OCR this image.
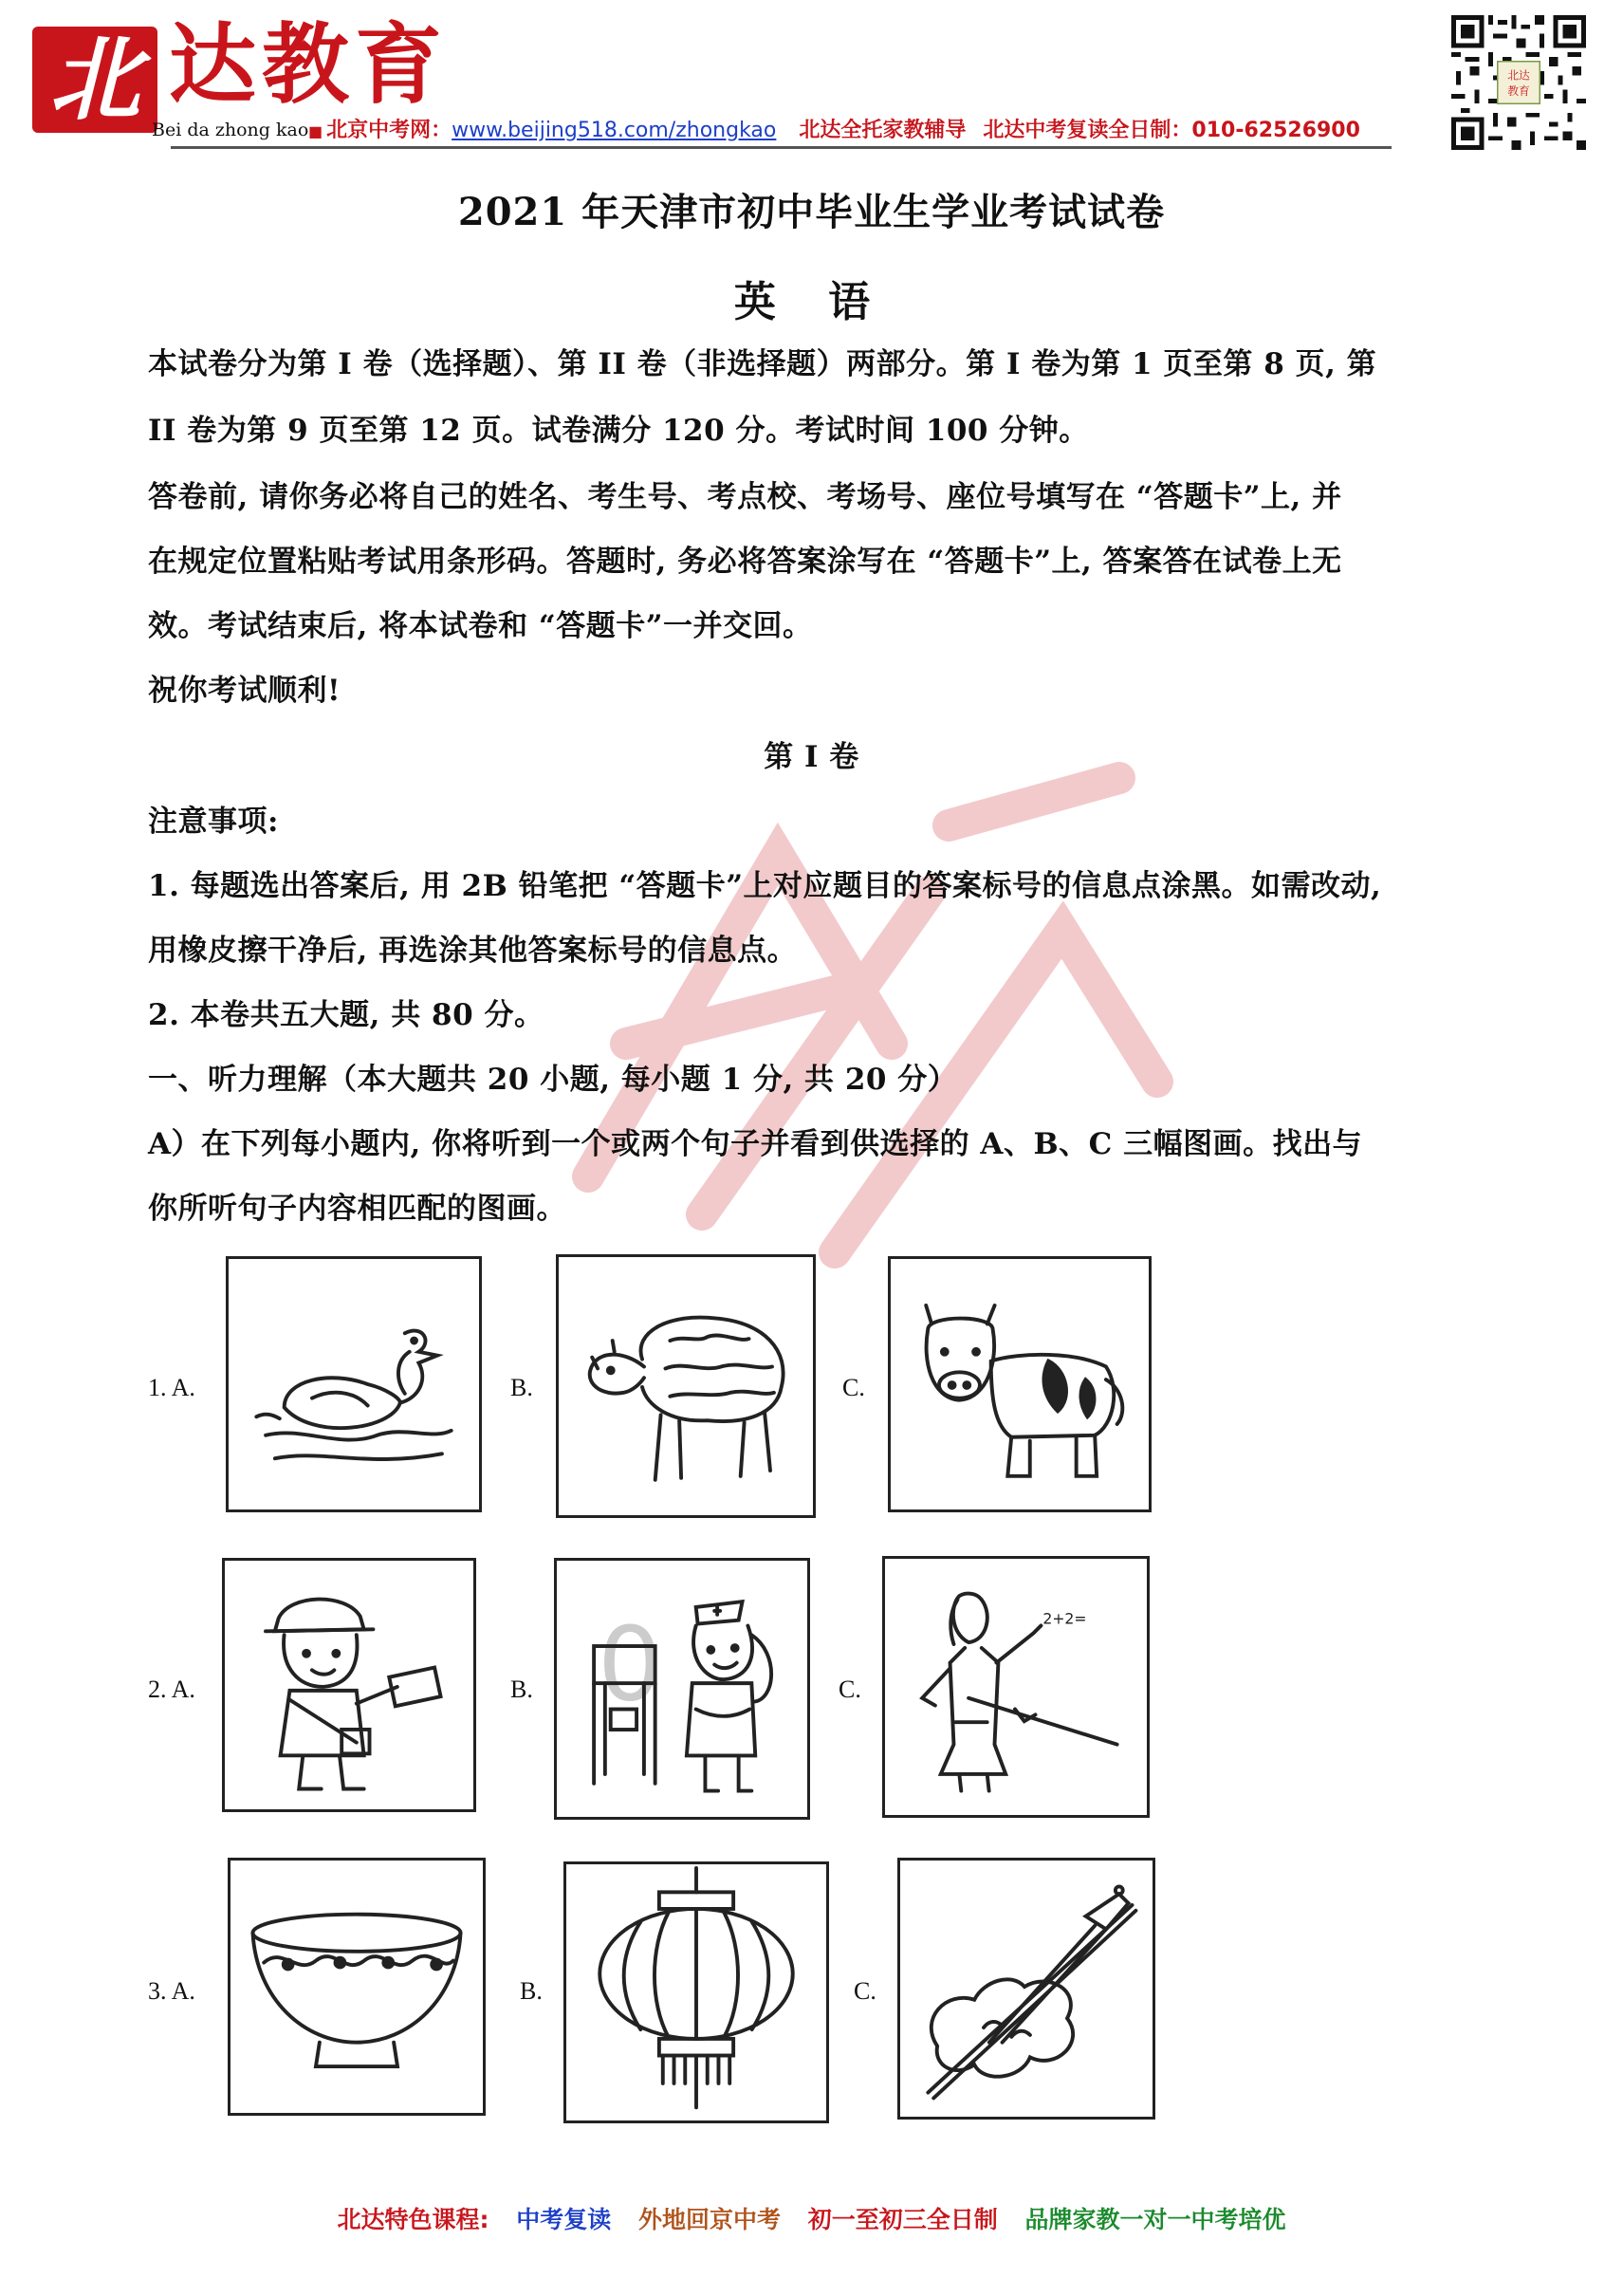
北 达教育
Bei da zhong kao ■ 北京中考网：www.beijing518.com/zhongkao 北达全托家教辅导 北达中考复读全日制：010-62526900
北达
教育
2021 年天津市初中毕业生学业考试试卷
英 语
本试卷分为第 I 卷（选择题）、第 II 卷（非选择题）两部分。第 I 卷为第 1 页至第 8 页, 第
II 卷为第 9 页至第 12 页。试卷满分 120 分。考试时间 100 分钟。
答卷前, 请你务必将自己的姓名、考生号、考点校、考场号、座位号填写在 “答题卡”上, 并
在规定位置粘贴考试用条形码。答题时, 务必将答案涂写在 “答题卡”上, 答案答在试卷上无
效。考试结束后, 将本试卷和 “答题卡”一并交回。
祝你考试顺利!
第 I 卷
注意事项:
1. 每题选出答案后, 用 2B 铅笔把 “答题卡”上对应题目的答案标号的信息点涂黑。如需改动,
用橡皮擦干净后, 再选涂其他答案标号的信息点。
2. 本卷共五大题, 共 80 分。
一、听力理解（本大题共 20 小题, 每小题 1 分, 共 20 分）
A）在下列每小题内, 你将听到一个或两个句子并看到供选择的 A、B、C 三幅图画。找出与
你所听句子内容相匹配的图画。
1. A.	B.	C.
2. A.	B. 0	C.
2+2=
3. A.	B.	C.
北达特色课程: 中考复读 外地回京中考 初一至初三全日制 品牌家教一对一中考培优
